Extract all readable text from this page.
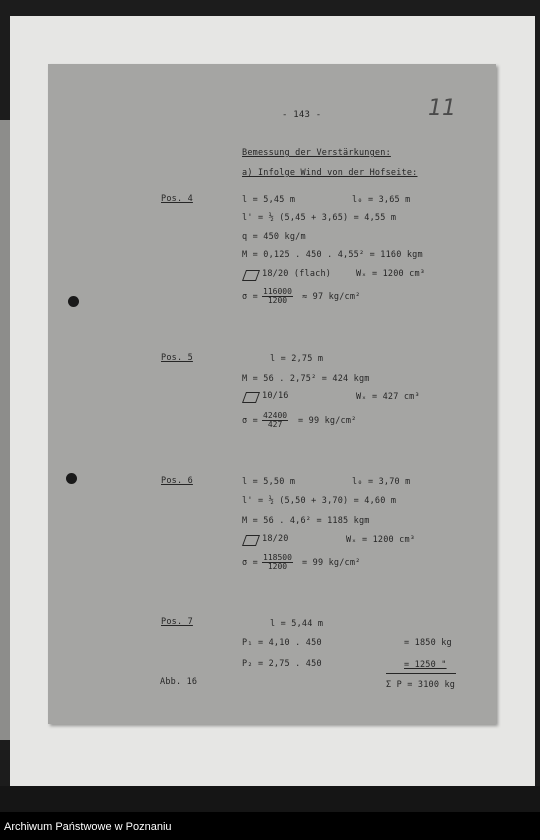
- 143 -	11
Bemessung der Verstärkungen:
a) Infolge Wind von der Hofseite:
Pos. 4	l = 5,45 m	l₀ = 3,65 m
l' = ½ (5,45 + 3,65) = 4,55 m
q = 450 kg/m
M = 0,125 . 450 . 4,55² = 1160 kgm
18/20 (flach)	Wₓ = 1200 cm³
$\sigma = \frac{116000}{1200} \approx 97$ kg/cm²
Pos. 5	l = 2,75 m
M = 56 . 2,75² = 424 kgm
10/16	Wₓ = 427 cm³
$\sigma = \frac{42400}{427} = 99$ kg/cm²
Pos. 6	l = 5,50 m	l₀ = 3,70 m
l' = ½ (5,50 + 3,70) = 4,60 m
M = 56 . 4,6² = 1185 kgm
18/20	Wₓ = 1200 cm³
$\sigma = \frac{118500}{1200} = 99$ kg/cm²
Pos. 7	l = 5,44 m
P₁ = 4,10 . 450	= 1850 kg
P₂ = 2,75 . 450	= 1250 "
Abb. 16	Σ P = 3100 kg
Archiwum Państwowe w Poznaniu
